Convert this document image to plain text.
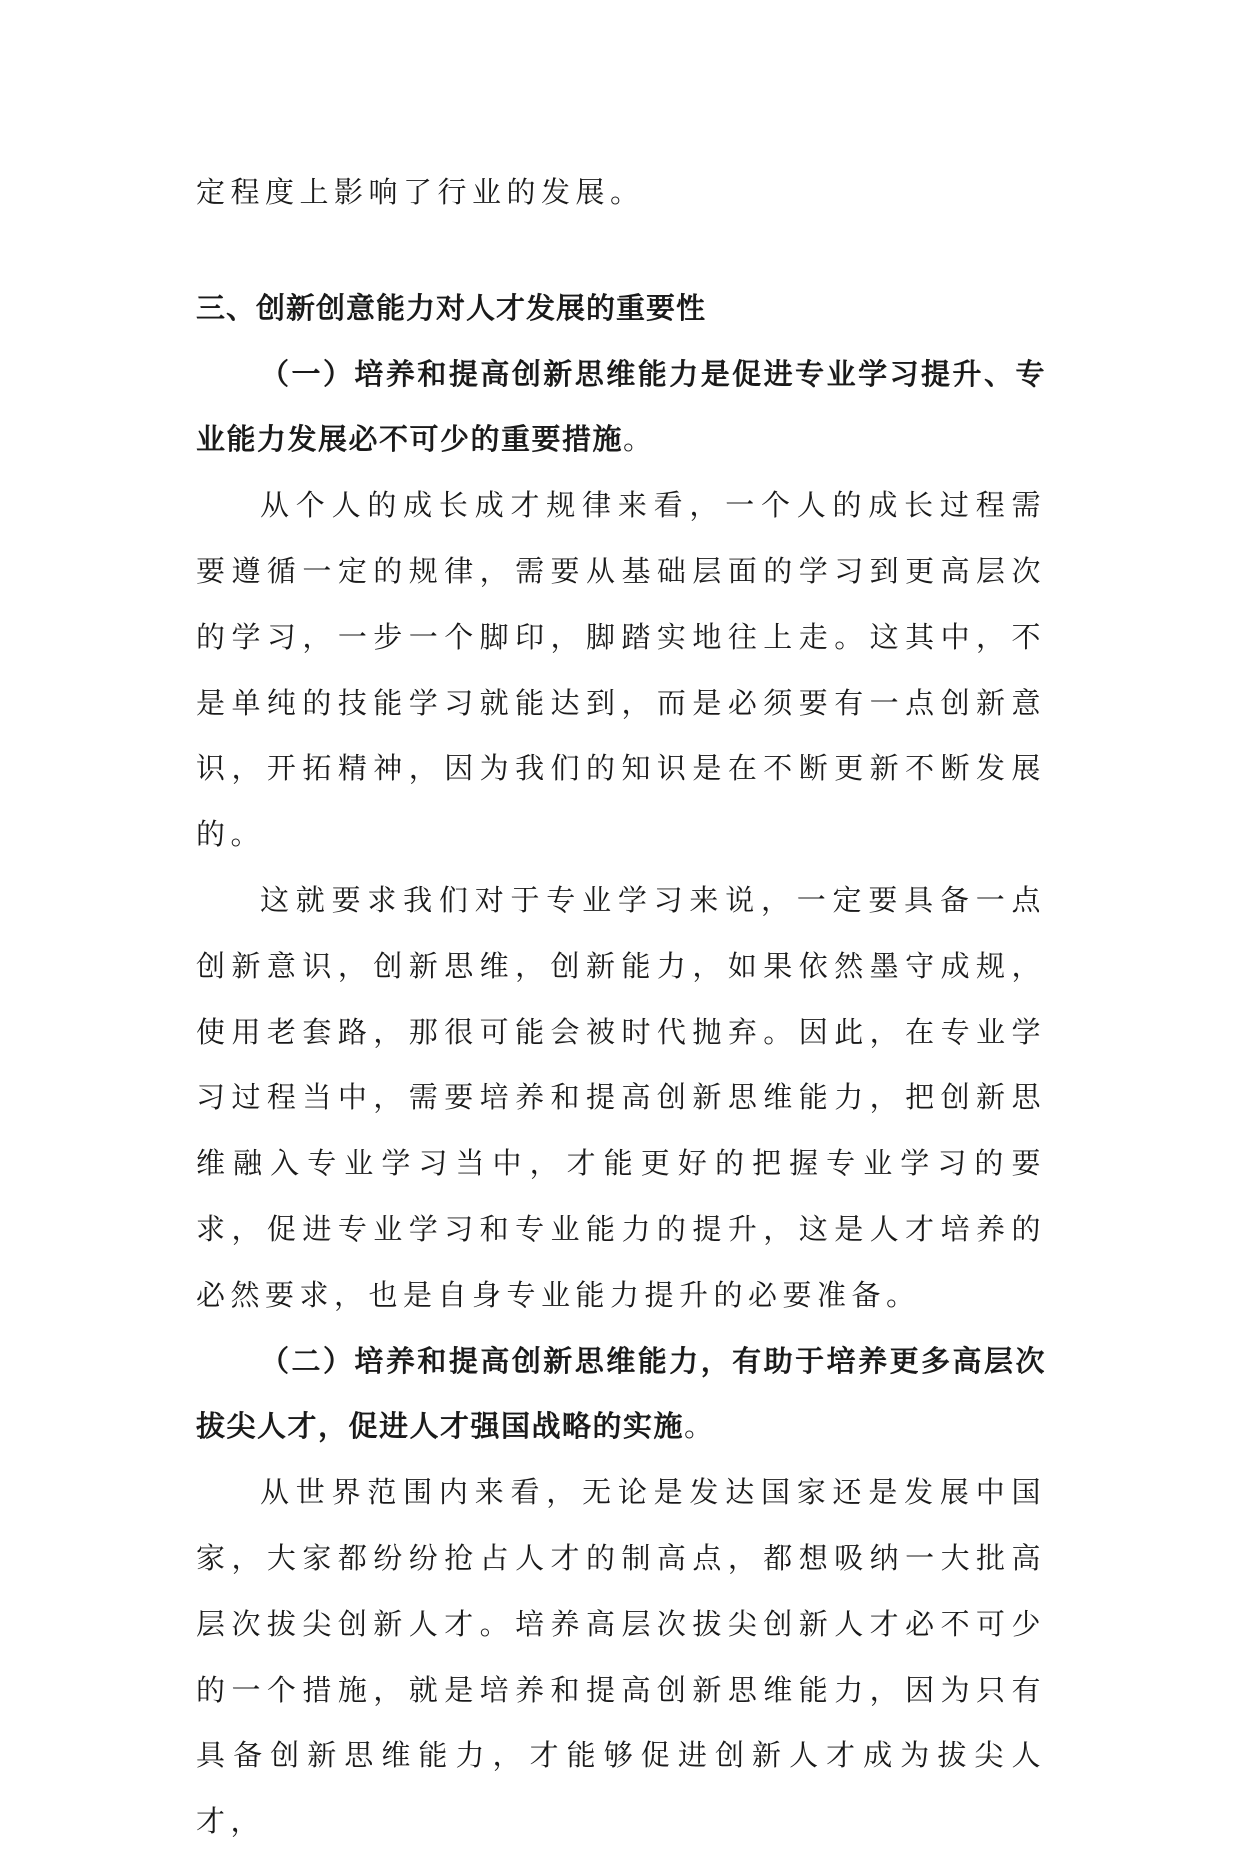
定程度上影响了行业的发展。

三、创新创意能力对人才发展的重要性

（一）培养和提高创新思维能力是促进专业学习提升、专业能力发展必不可少的重要措施。

从个人的成长成才规律来看，一个人的成长过程需要遵循一定的规律，需要从基础层面的学习到更高层次的学习，一步一个脚印，脚踏实地往上走。这其中，不是单纯的技能学习就能达到，而是必须要有一点创新意识，开拓精神，因为我们的知识是在不断更新不断发展的。

这就要求我们对于专业学习来说，一定要具备一点创新意识，创新思维，创新能力，如果依然墨守成规，使用老套路，那很可能会被时代抛弃。因此，在专业学习过程当中，需要培养和提高创新思维能力，把创新思维融入专业学习当中，才能更好的把握专业学习的要求，促进专业学习和专业能力的提升，这是人才培养的必然要求，也是自身专业能力提升的必要准备。

（二）培养和提高创新思维能力，有助于培养更多高层次拔尖人才，促进人才强国战略的实施。

从世界范围内来看，无论是发达国家还是发展中国家，大家都纷纷抢占人才的制高点，都想吸纳一大批高层次拔尖创新人才。培养高层次拔尖创新人才必不可少的一个措施，就是培养和提高创新思维能力，因为只有具备创新思维能力，才能够促进创新人才成为拔尖人才，
